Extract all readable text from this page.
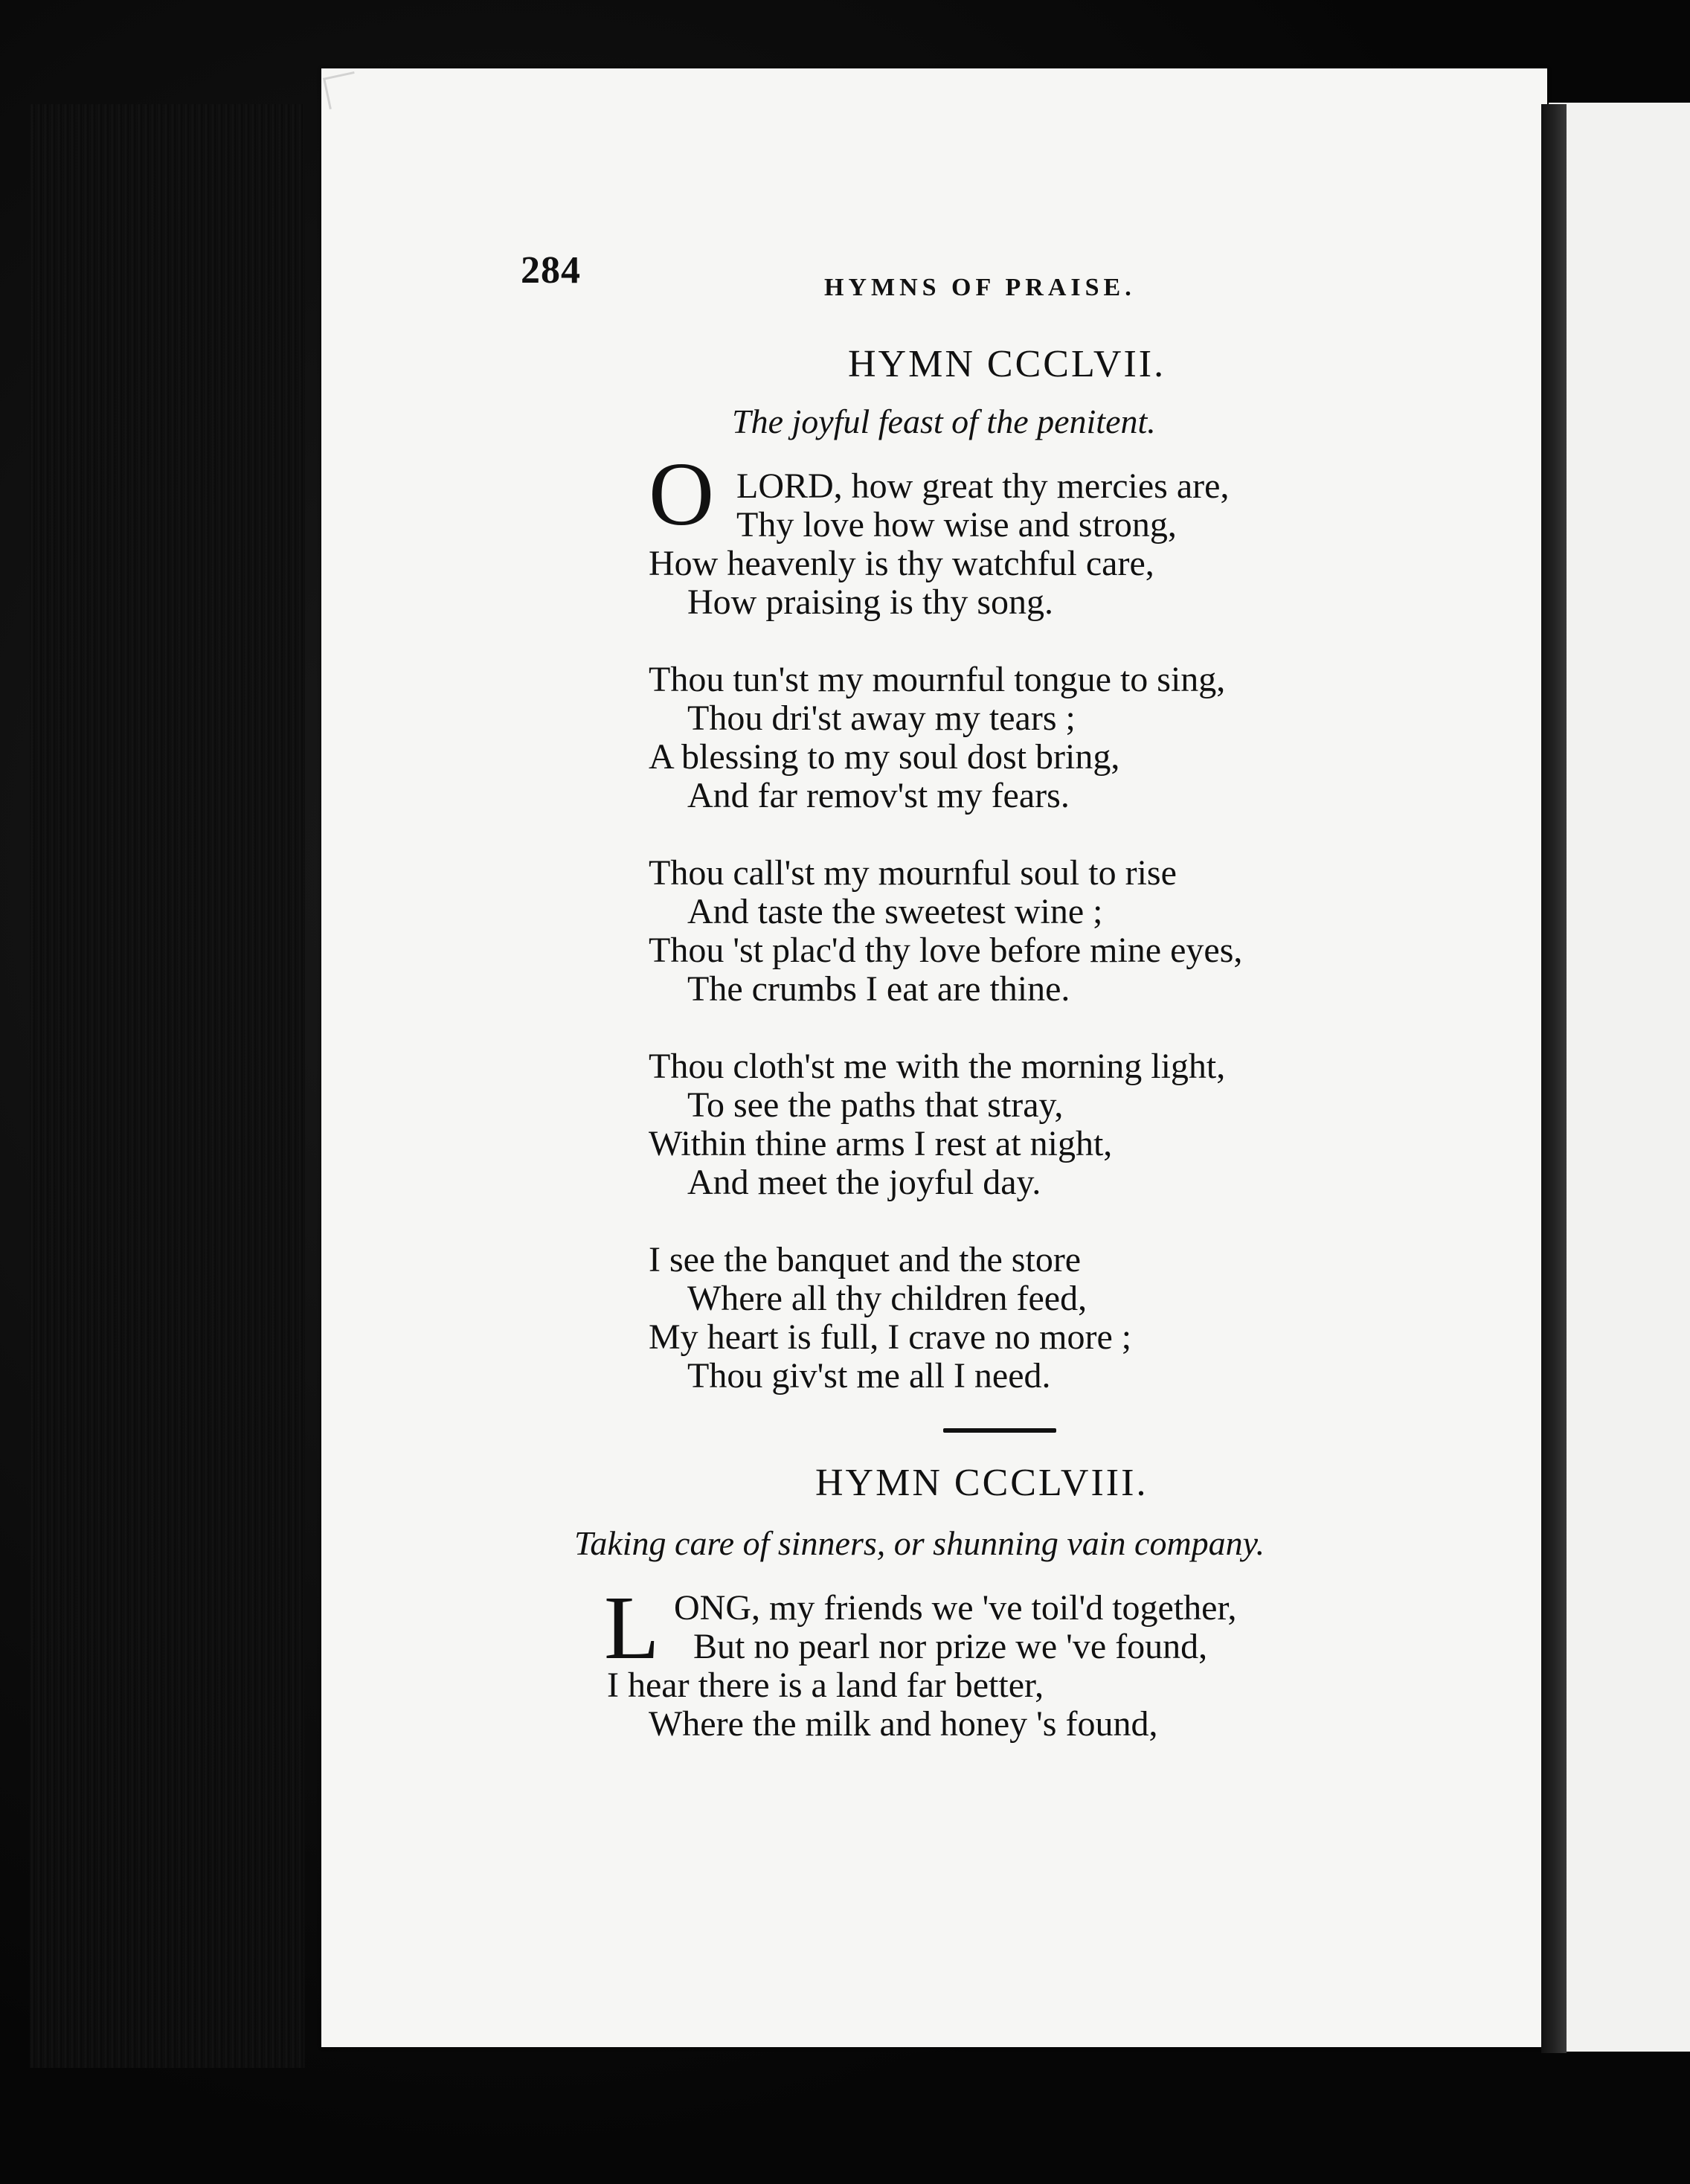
284	HYMNS OF PRAISE.
HYMN CCCLVII.
The joyful feast of the penitent.
O LORD, how great thy mercies are,
Thy love how wise and strong,
How heavenly is thy watchful care,
How praising is thy song.
Thou tun'st my mournful tongue to sing,
Thou dri'st away my tears ;
A blessing to my soul dost bring,
And far remov'st my fears.
Thou call'st my mournful soul to rise
And taste the sweetest wine ;
Thou 'st plac'd thy love before mine eyes,
The crumbs I eat are thine.
Thou cloth'st me with the morning light,
To see the paths that stray,
Within thine arms I rest at night,
And meet the joyful day.
I see the banquet and the store
Where all thy children feed,
My heart is full, I crave no more ;
Thou giv'st me all I need.
HYMN CCCLVIII.
Taking care of sinners, or shunning vain company.
L ONG, my friends we 've toil'd together,
But no pearl nor prize we 've found,
I hear there is a land far better,
Where the milk and honey 's found,
